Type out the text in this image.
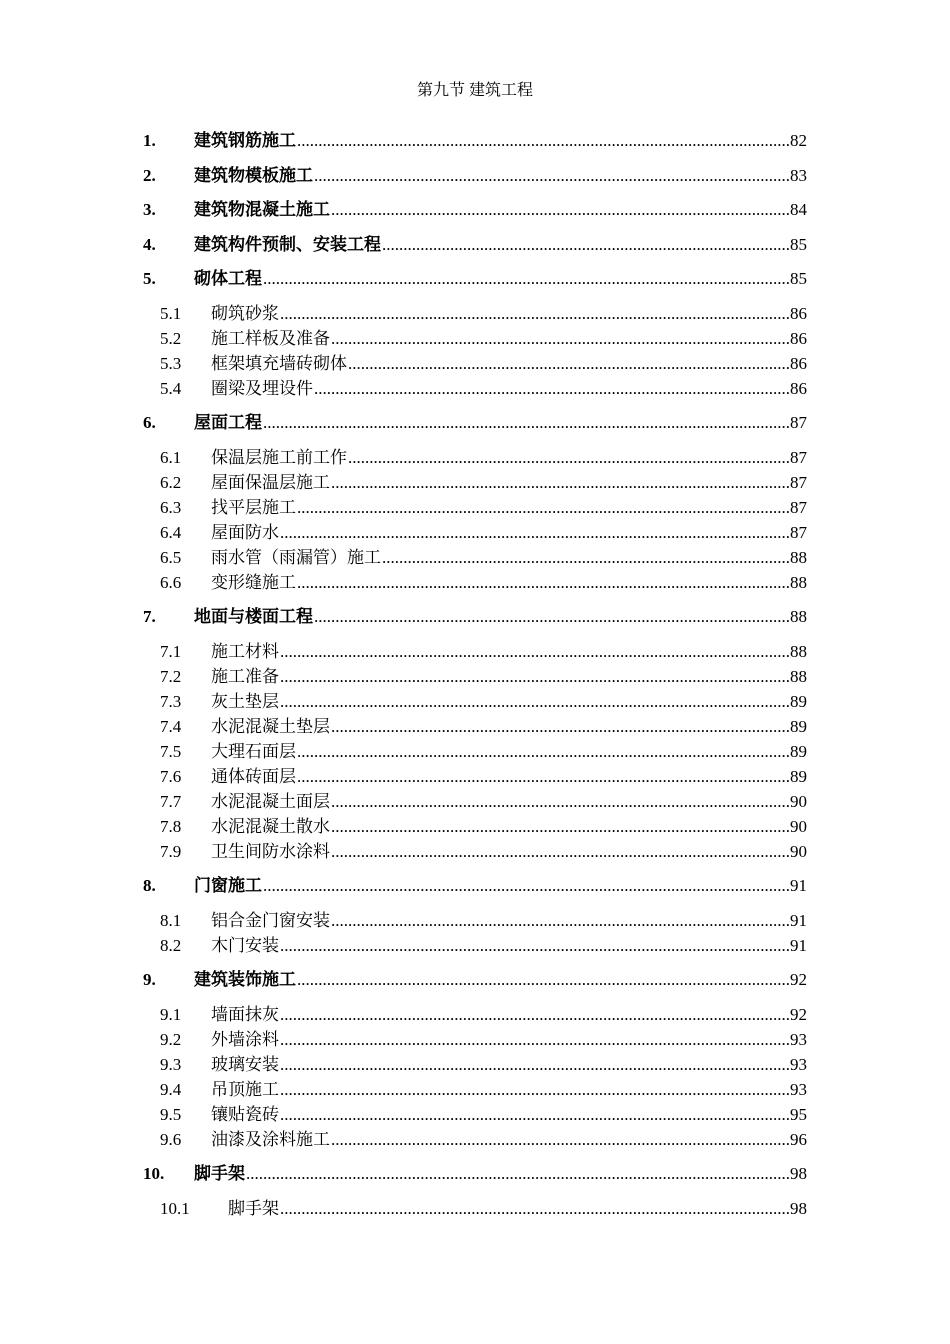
第九节 建筑工程
1.	建筑钢筋施工 .....	82
2.	建筑物模板施工 .....	83
3.	建筑物混凝土施工 .....	84
4.	建筑构件预制、安装工程 .....	85
5.	砌体工程 .....	85
5.1	砌筑砂浆 .....	86
5.2	施工样板及准备 .....	86
5.3	框架填充墙砖砌体 .....	86
5.4	圈梁及埋设件 .....	86
6.	屋面工程 .....	87
6.1	保温层施工前工作 .....	87
6.2	屋面保温层施工 .....	87
6.3	找平层施工 .....	87
6.4	屋面防水 .....	87
6.5	雨水管（雨漏管）施工 .....	88
6.6	变形缝施工 .....	88
7.	地面与楼面工程 .....	88
7.1	施工材料 .....	88
7.2	施工准备 .....	88
7.3	灰土垫层 .....	89
7.4	水泥混凝土垫层 .....	89
7.5	大理石面层 .....	89
7.6	通体砖面层 .....	89
7.7	水泥混凝土面层 .....	90
7.8	水泥混凝土散水 .....	90
7.9	卫生间防水涂料 .....	90
8.	门窗施工 .....	91
8.1	铝合金门窗安装 .....	91
8.2	木门安装 .....	91
9.	建筑装饰施工 .....	92
9.1	墙面抹灰 .....	92
9.2	外墙涂料 .....	93
9.3	玻璃安装 .....	93
9.4	吊顶施工 .....	93
9.5	镶贴瓷砖 .....	95
9.6	油漆及涂料施工 .....	96
10.	脚手架 .....	98
10.1	脚手架 .....	98
